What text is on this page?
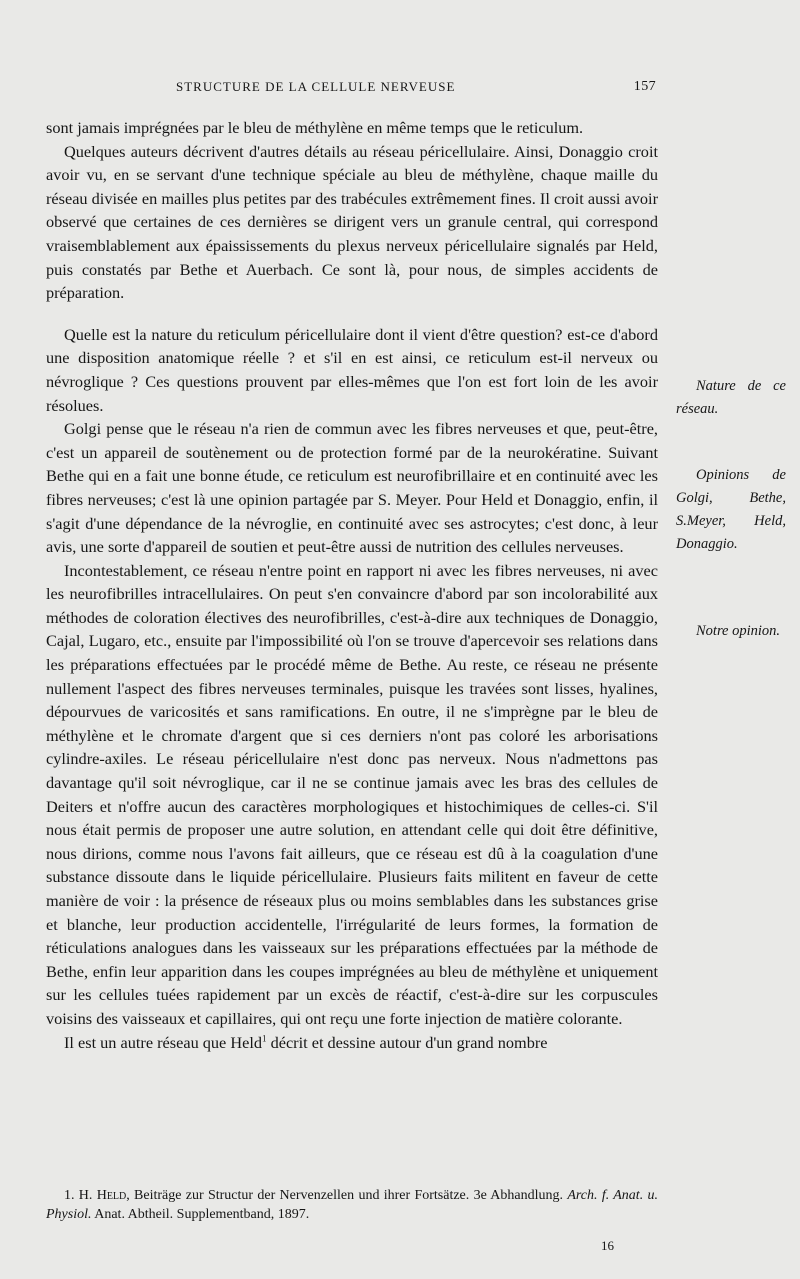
STRUCTURE DE LA CELLULE NERVEUSE	157

sont jamais imprégnées par le bleu de méthylène en même temps que le reticulum.

Quelques auteurs décrivent d'autres détails au réseau péricellulaire. Ainsi, Donaggio croit avoir vu, en se servant d'une technique spéciale au bleu de méthylène, chaque maille du réseau divisée en mailles plus petites par des trabécules extrêmement fines. Il croit aussi avoir observé que certaines de ces dernières se dirigent vers un granule central, qui correspond vraisemblablement aux épaississements du plexus nerveux péricellulaire signalés par Held, puis constatés par Bethe et Auerbach. Ce sont là, pour nous, de simples accidents de préparation.

Quelle est la nature du reticulum péricellulaire dont il vient d'être question? est-ce d'abord une disposition anatomique réelle ? et s'il en est ainsi, ce reticulum est-il nerveux ou névroglique ? Ces questions prouvent par elles-mêmes que l'on est fort loin de les avoir résolues.

Golgi pense que le réseau n'a rien de commun avec les fibres nerveuses et que, peut-être, c'est un appareil de soutènement ou de protection formé par de la neurokératine. Suivant Bethe qui en a fait une bonne étude, ce reticulum est neurofibrillaire et en continuité avec les fibres nerveuses; c'est là une opinion partagée par S. Meyer. Pour Held et Donaggio, enfin, il s'agit d'une dépendance de la névroglie, en continuité avec ses astrocytes; c'est donc, à leur avis, une sorte d'appareil de soutien et peut-être aussi de nutrition des cellules nerveuses.

Incontestablement, ce réseau n'entre point en rapport ni avec les fibres nerveuses, ni avec les neurofibrilles intracellulaires. On peut s'en convaincre d'abord par son incolorabilité aux méthodes de coloration électives des neurofibrilles, c'est-à-dire aux techniques de Donaggio, Cajal, Lugaro, etc., ensuite par l'impossibilité où l'on se trouve d'apercevoir ses relations dans les préparations effectuées par le procédé même de Bethe. Au reste, ce réseau ne présente nullement l'aspect des fibres nerveuses terminales, puisque les travées sont lisses, hyalines, dépourvues de varicosités et sans ramifications. En outre, il ne s'imprègne par le bleu de méthylène et le chromate d'argent que si ces derniers n'ont pas coloré les arborisations cylindre-axiles. Le réseau péricellulaire n'est donc pas nerveux. Nous n'admettons pas davantage qu'il soit névroglique, car il ne se continue jamais avec les bras des cellules de Deiters et n'offre aucun des caractères morphologiques et histochimiques de celles-ci. S'il nous était permis de proposer une autre solution, en attendant celle qui doit être définitive, nous dirions, comme nous l'avons fait ailleurs, que ce réseau est dû à la coagulation d'une substance dissoute dans le liquide péricellulaire. Plusieurs faits militent en faveur de cette manière de voir : la présence de réseaux plus ou moins semblables dans les substances grise et blanche, leur production accidentelle, l'irrégularité de leurs formes, la formation de réticulations analogues dans les vaisseaux sur les préparations effectuées par la méthode de Bethe, enfin leur apparition dans les coupes imprégnées au bleu de méthylène et uniquement sur les cellules tuées rapidement par un excès de réactif, c'est-à-dire sur les corpuscules voisins des vaisseaux et capillaires, qui ont reçu une forte injection de matière colorante.

Il est un autre réseau que Held$^1$ décrit et dessine autour d'un grand nombre

Nature de ce réseau.
Opinions de Golgi, Bethe, S.Meyer, Held, Donaggio.
Notre opinion.
1. H. Held, Beiträge zur Structur der Nervenzellen und ihrer Fortsätze. 3e Abhandlung. Arch. f. Anat. u. Physiol. Anat. Abtheil. Supplementband, 1897.
16
